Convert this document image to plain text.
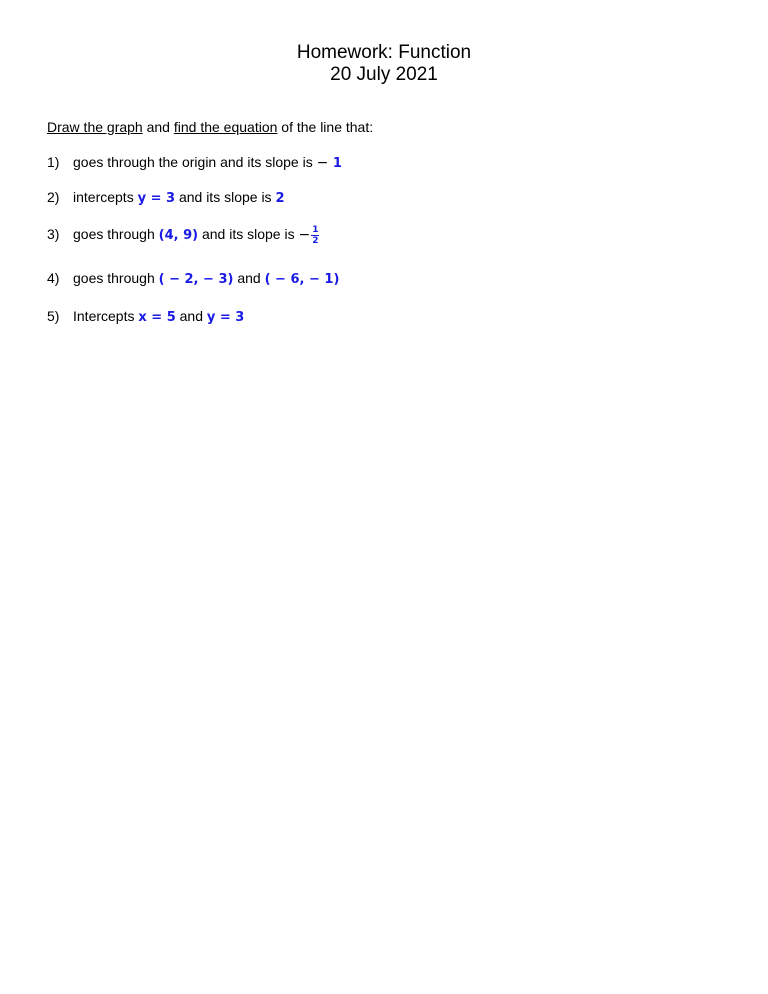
Homework: Function
20 July 2021
Draw the graph and find the equation of the line that:
1) goes through the origin and its slope is − 1
2) intercepts y = 3 and its slope is 2
3) goes through (4, 9) and its slope is − $\frac{1}{2}$
4) goes through ( − 2, − 3) and ( − 6, − 1)
5) Intercepts x = 5 and y = 3
